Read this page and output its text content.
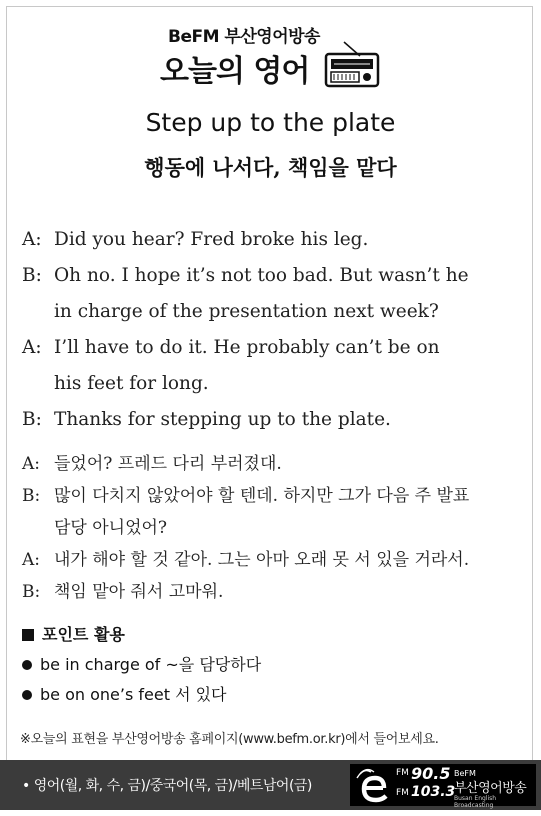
BeFM 부산영어방송
오늘의 영어
Step up to the plate
행동에 나서다, 책임을 맡다
A: Did you hear? Fred broke his leg.
B: Oh no. I hope it’s not too bad. But wasn’t he
in charge of the presentation next week?
A: I’ll have to do it. He probably can’t be on
his feet for long.
B: Thanks for stepping up to the plate.
A: 들었어? 프레드 다리 부러졌대.
B: 많이 다치지 않았어야 할 텐데. 하지만 그가 다음 주 발표
담당 아니었어?
A: 내가 해야 할 것 같아. 그는 아마 오래 못 서 있을 거라서.
B: 책임 맡아 줘서 고마워.
포인트 활용
be in charge of ~을 담당하다
be on one’s feet 서 있다
※오늘의 표현을 부산영어방송 홈페이지(www.befm.or.kr)에서 들어보세요.
• 영어(월, 화, 수, 금)/중국어(목, 금)/베트남어(금)
FM 90.5
FM 103.3
BeFM
부산영어방송
Busan English Broadcasting
